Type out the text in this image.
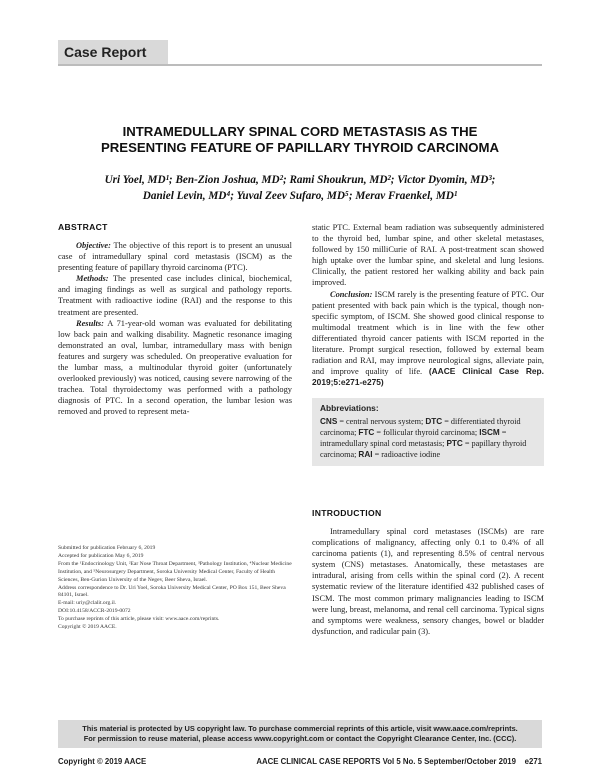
Case Report
INTRAMEDULLARY SPINAL CORD METASTASIS AS THE
PRESENTING FEATURE OF PAPILLARY THYROID CARCINOMA

Uri Yoel, MD¹; Ben-Zion Joshua, MD²; Rami Shoukrun, MD²; Victor Dyomin, MD³;
Daniel Levin, MD⁴; Yuval Zeev Sufaro, MD⁵; Merav Fraenkel, MD¹

ABSTRACT

Objective: The objective of this report is to present an unusual case of intramedullary spinal cord metastasis (ISCM) as the presenting feature of papillary thyroid carcinoma (PTC).

Methods: The presented case includes clinical, biochemical, and imaging findings as well as surgical and pathology reports. Treatment with radioactive iodine (RAI) and the response to this treatment are presented.

Results: A 71-year-old woman was evaluated for debilitating low back pain and walking disability. Magnetic resonance imaging demonstrated an oval, lumbar, intramedullary mass with benign features and surgery was scheduled. On preoperative evaluation for the lumbar mass, a multinodular thyroid goiter (unfortunately overlooked previously) was noticed, causing severe narrowing of the trachea. Total thyroidectomy was performed with a pathology diagnosis of PTC. In a second operation, the lumbar lesion was removed and proved to represent meta-

static PTC. External beam radiation was subsequently administered to the thyroid bed, lumbar spine, and other skeletal metastases, followed by 150 milliCurie of RAI. A post-treatment scan showed high uptake over the lumbar spine, and skeletal and lung lesions. Clinically, the patient restored her walking ability and back pain improved.

Conclusion: ISCM rarely is the presenting feature of PTC. Our patient presented with back pain which is the typical, though non-specific symptom, of ISCM. She showed good clinical response to multimodal treatment which is in line with the few other differentiated thyroid cancer patients with ISCM reported in the literature. Prompt surgical resection, followed by external beam radiation and RAI, may improve neurological signs, alleviate pain, and improve quality of life. (AACE Clinical Case Rep. 2019;5:e271-e275)

Abbreviations:
CNS = central nervous system; DTC = differentiated thyroid carcinoma; FTC = follicular thyroid carcinoma; ISCM = intramedullary spinal cord metastasis; PTC = papillary thyroid carcinoma; RAI = radioactive iodine
INTRODUCTION

Intramedullary spinal cord metastases (ISCMs) are rare complications of malignancy, affecting only 0.1 to 0.4% of all carcinoma patients (1), and representing 8.5% of central nervous system (CNS) metastases. Anatomically, these metastases are intradural, arising from cells within the spinal cord (2). A recent systematic review of the literature identified 432 published cases of ISCM. The most common primary malignancies leading to ISCM were lung, breast, melanoma, and renal cell carcinoma. Typical signs and symptoms were weakness, sensory changes, bowel or bladder dysfunction, and radicular pain (3).

Submitted for publication February 6, 2019
Accepted for publication May 6, 2019
From the ¹Endocrinology Unit, ²Ear Nose Throat Department, ³Pathology Institution, ⁴Nuclear Medicine Institution, and ⁵Neurosurgery Department, Soroka University Medical Center, Faculty of Health Sciences, Ben-Gurion University of the Negev, Beer Sheva, Israel.
Address correspondence to Dr. Uri Yoel, Soroka University Medical Center, PO Box 151, Beer Sheva 84101, Israel.
E-mail: uriy@clalit.org.il.
DOI:10.4158/ACCR-2019-0072
To purchase reprints of this article, please visit: www.aace.com/reprints.
Copyright © 2019 AACE.
This material is protected by US copyright law. To purchase commercial reprints of this article, visit www.aace.com/reprints.
For permission to reuse material, please access www.copyright.com or contact the Copyright Clearance Center, Inc. (CCC).
Copyright © 2019 AACE	AACE CLINICAL CASE REPORTS Vol 5 No. 5 September/October 2019    e271
